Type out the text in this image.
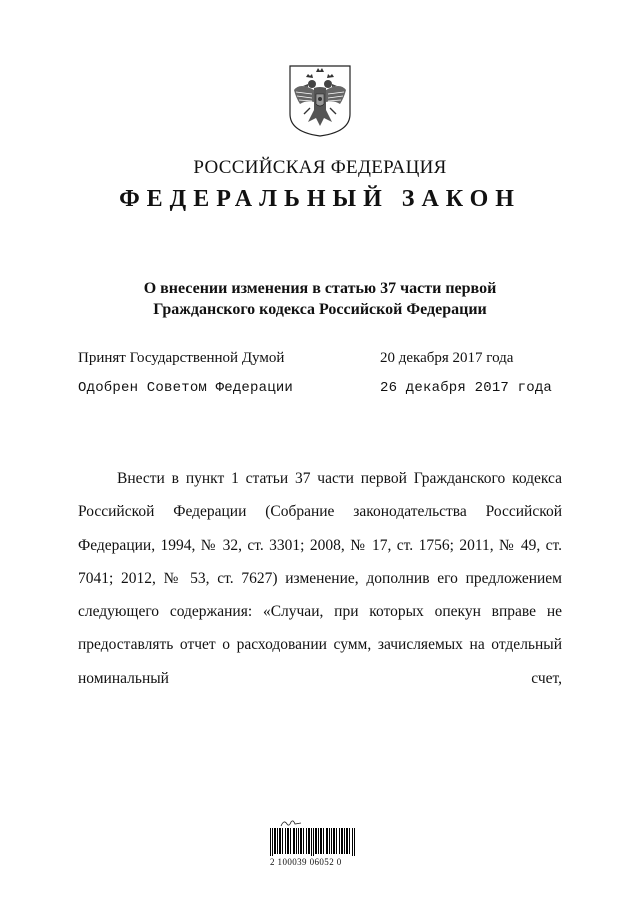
РОССИЙСКАЯ ФЕДЕРАЦИЯ
ФЕДЕРАЛЬНЫЙ ЗАКОН
О внесении изменения в статью 37 части первой
Гражданского кодекса Российской Федерации
Принят Государственной Думой	20 декабря 2017 года
Одобрен Советом Федерации	26 декабря 2017 года
Внести в пункт 1 статьи 37 части первой Гражданского кодекса Российской Федерации (Собрание законодательства Российской Федерации, 1994, № 32, ст. 3301; 2008, № 17, ст. 1756; 2011, № 49, ст. 7041; 2012, № 53, ст. 7627) изменение, дополнив его предложением следующего содержания: «Случаи, при которых опекун вправе не предоставлять отчет о расходовании сумм, зачисляемых на отдельный номинальный счет,
2 100039 06052 0
